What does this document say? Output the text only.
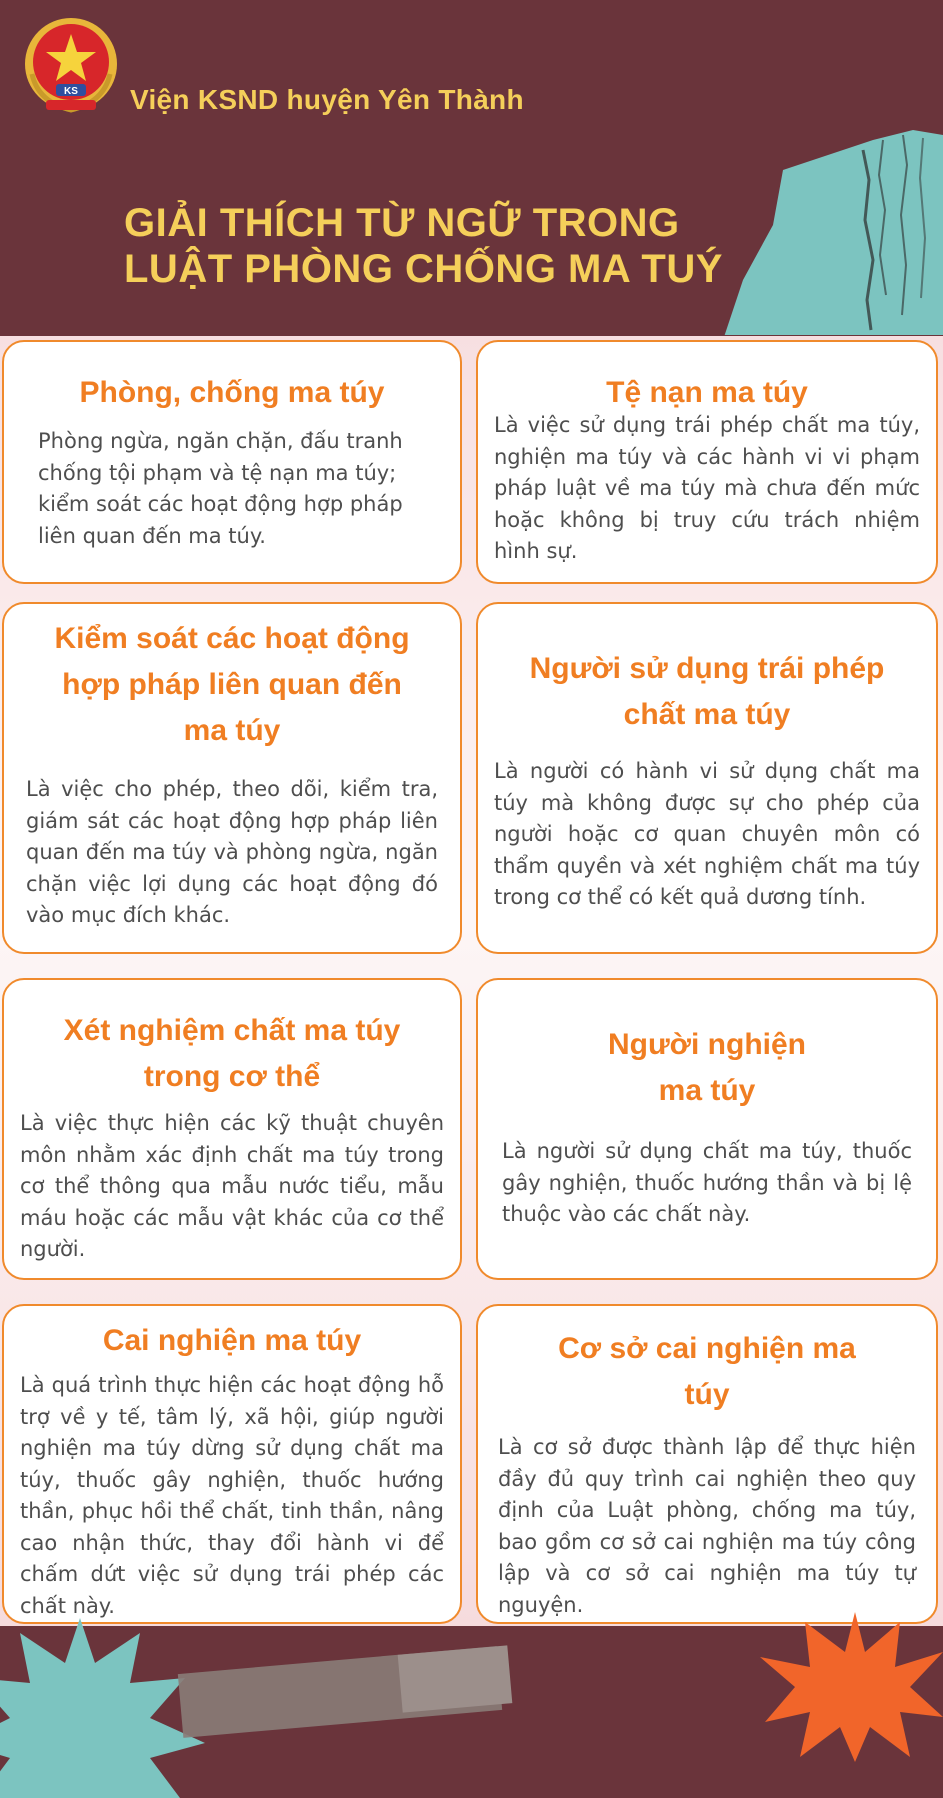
KS Viện KSND huyện Yên Thành
GIẢI THÍCH TỪ NGỮ TRONG
LUẬT PHÒNG CHỐNG MA TUÝ
Phòng, chống ma túy

Phòng ngừa, ngăn chặn, đấu tranh chống tội phạm và tệ nạn ma túy; kiểm soát các hoạt động hợp pháp liên quan đến ma túy.

Tệ nạn ma túy

Là việc sử dụng trái phép chất ma túy, nghiện ma túy và các hành vi vi phạm pháp luật về ma túy mà chưa đến mức hoặc không bị truy cứu trách nhiệm hình sự.

Kiểm soát các hoạt động hợp pháp liên quan đến ma túy

Là việc cho phép, theo dõi, kiểm tra, giám sát các hoạt động hợp pháp liên quan đến ma túy và phòng ngừa, ngăn chặn việc lợi dụng các hoạt động đó vào mục đích khác.

Người sử dụng trái phép chất ma túy

Là người có hành vi sử dụng chất ma túy mà không được sự cho phép của người hoặc cơ quan chuyên môn có thẩm quyền và xét nghiệm chất ma túy trong cơ thể có kết quả dương tính.

Xét nghiệm chất ma túy trong cơ thể

Là việc thực hiện các kỹ thuật chuyên môn nhằm xác định chất ma túy trong cơ thể thông qua mẫu nước tiểu, mẫu máu hoặc các mẫu vật khác của cơ thể người.

Người nghiện ma túy

Là người sử dụng chất ma túy, thuốc gây nghiện, thuốc hướng thần và bị lệ thuộc vào các chất này.

Cai nghiện ma túy

Là quá trình thực hiện các hoạt động hỗ trợ về y tế, tâm lý, xã hội, giúp người nghiện ma túy dừng sử dụng chất ma túy, thuốc gây nghiện, thuốc hướng thần, phục hồi thể chất, tinh thần, nâng cao nhận thức, thay đổi hành vi để chấm dứt việc sử dụng trái phép các chất này.

Cơ sở cai nghiện ma túy

Là cơ sở được thành lập để thực hiện đầy đủ quy trình cai nghiện theo quy định của Luật phòng, chống ma túy, bao gồm cơ sở cai nghiện ma túy công lập và cơ sở cai nghiện ma túy tự nguyện.
